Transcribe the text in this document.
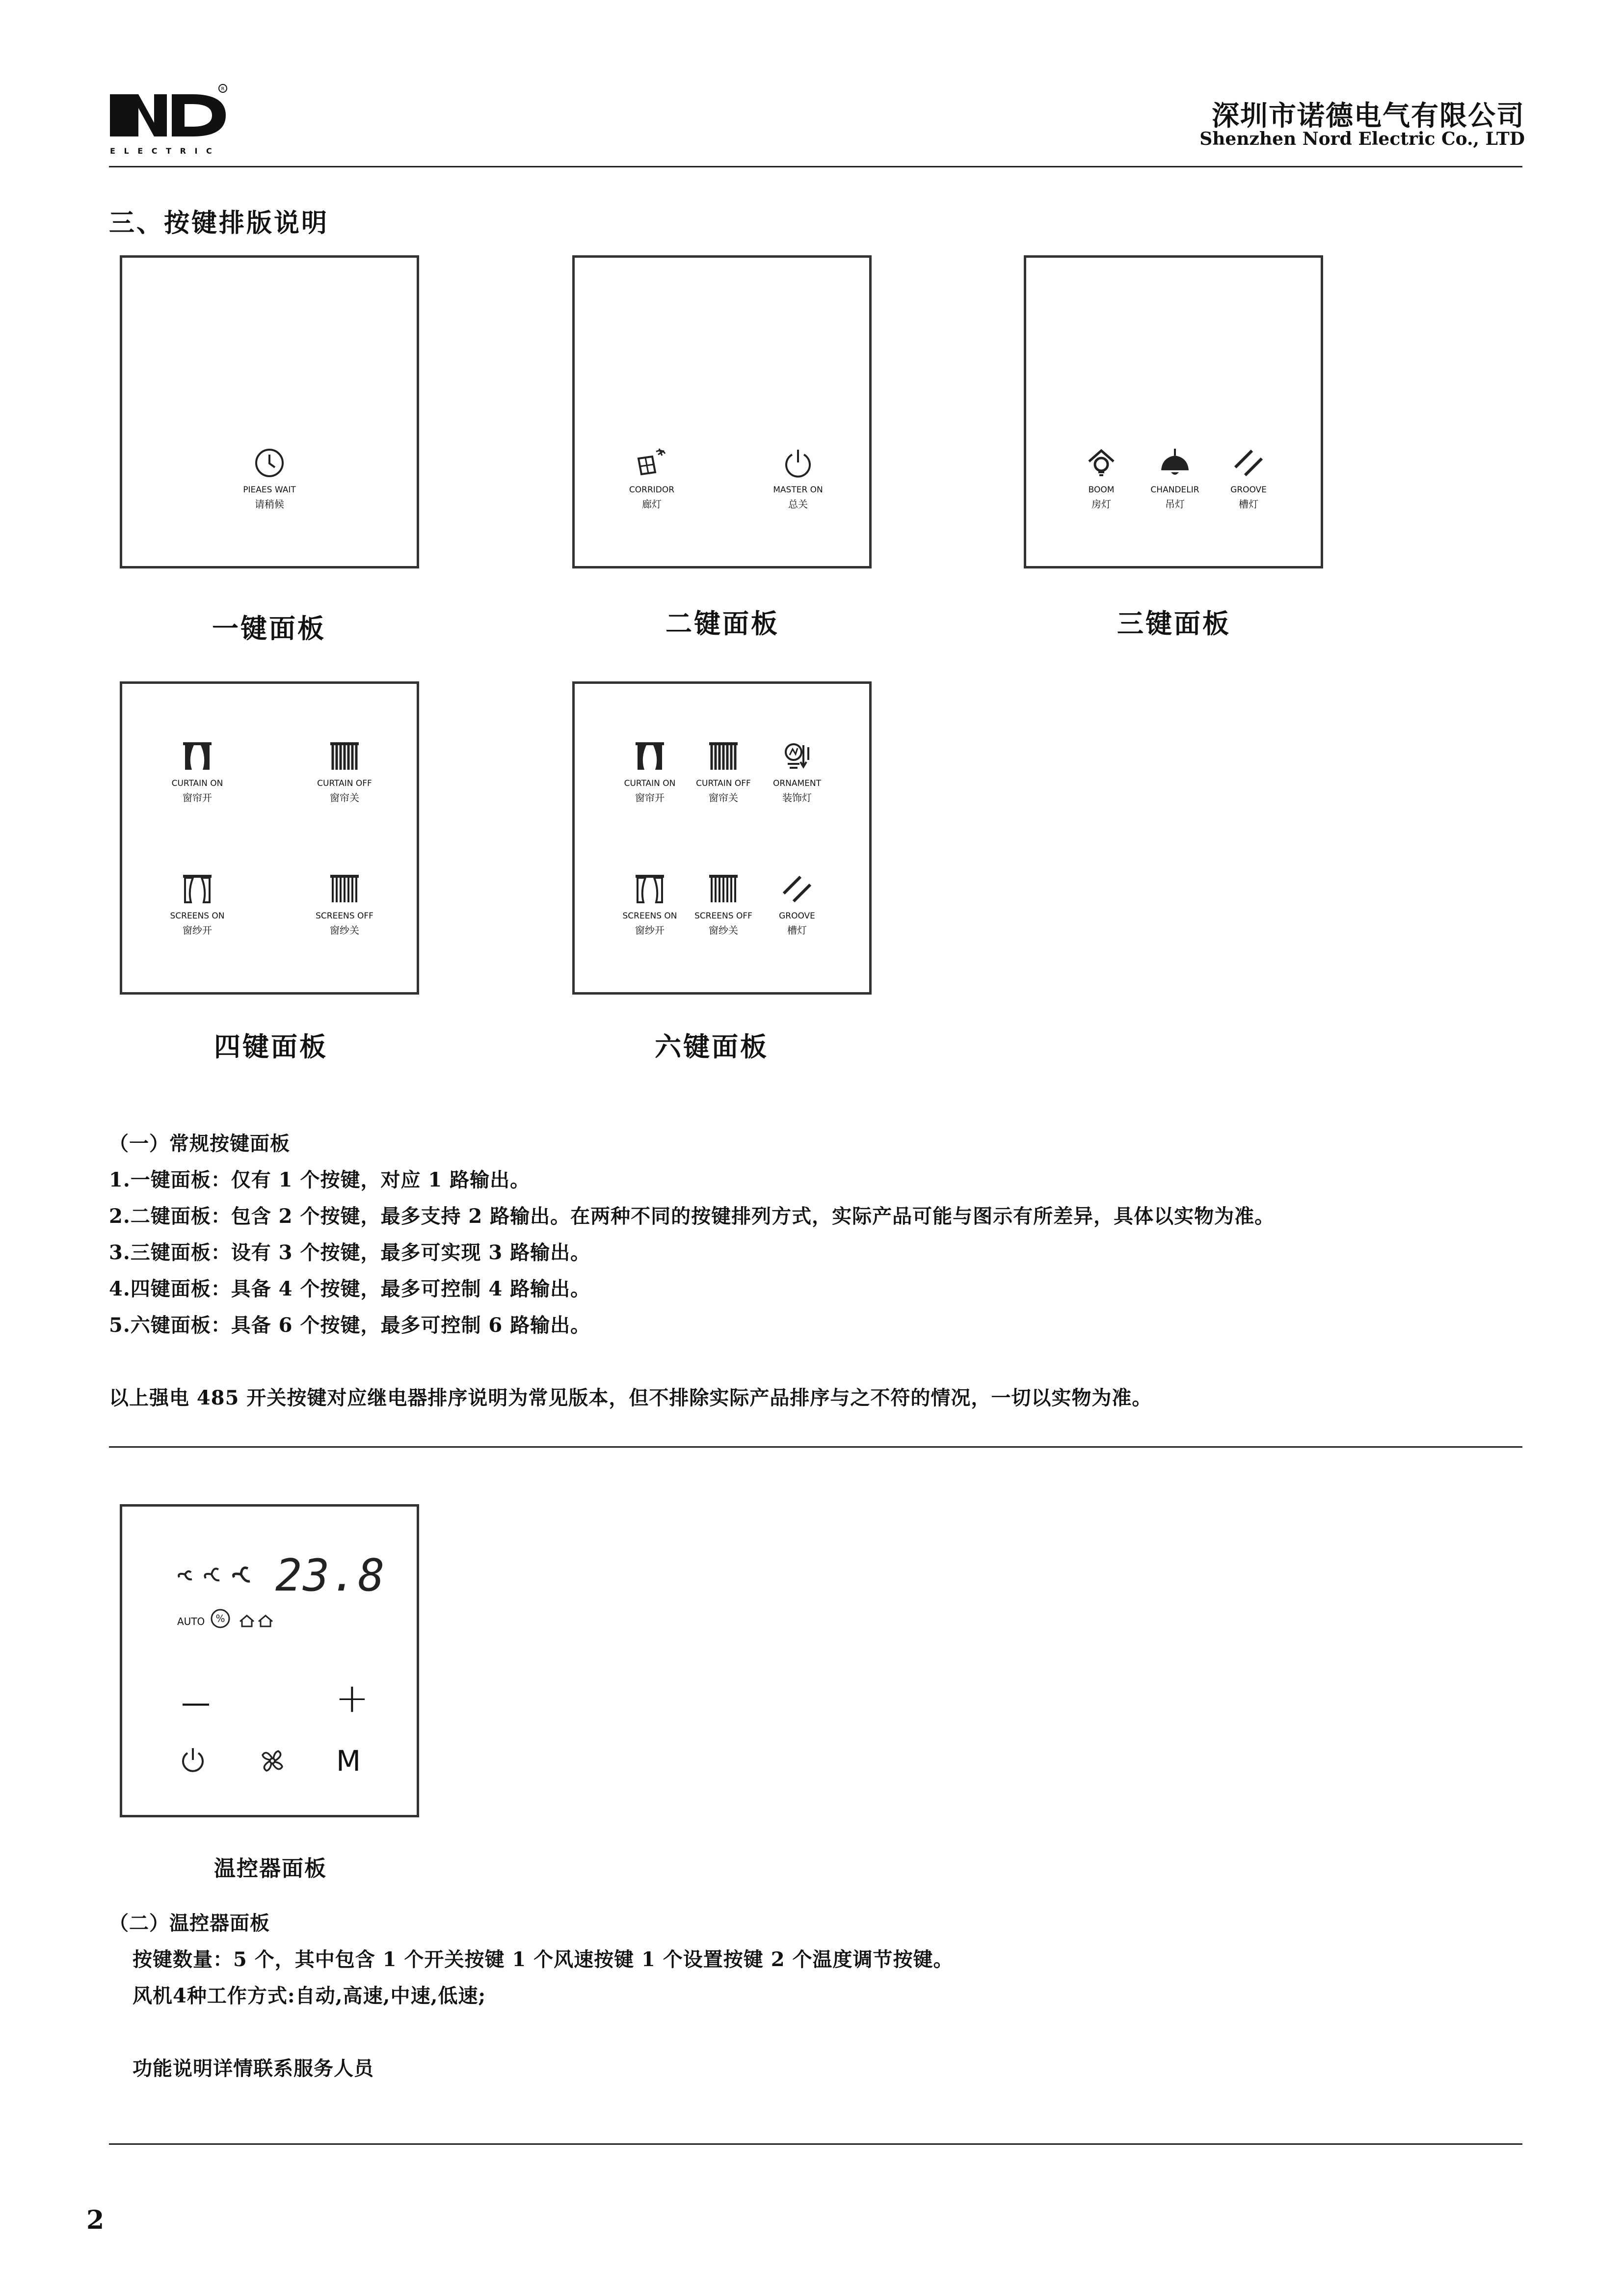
R
E L E C T R I C
深圳市诺德电气有限公司
Shenzhen Nord Electric Co., LTD
三、按键排版说明
PIEAES WAIT
请稍候
一键面板
CORRIDOR
廊灯
MASTER ON
总关
二键面板
BOOM
房灯
CHANDELIR
吊灯
GROOVE
槽灯
三键面板
CURTAIN ON
窗帘开
CURTAIN OFF
窗帘关
SCREENS ON
窗纱开
SCREENS OFF
窗纱关
四键面板
CURTAIN ON
窗帘开
CURTAIN OFF
窗帘关
ORNAMENT
装饰灯
SCREENS ON
窗纱开
SCREENS OFF
窗纱关
GROOVE
槽灯
六键面板
（一）常规按键面板
1.一键面板：仅有 1 个按键，对应 1 路输出。
2.二键面板：包含 2 个按键，最多支持 2 路输出。在两种不同的按键排列方式，实际产品可能与图示有所差异，具体以实物为准。
3.三键面板：设有 3 个按键，最多可实现 3 路输出。
4.四键面板：具备 4 个按键，最多可控制 4 路输出。
5.六键面板：具备 6 个按键，最多可控制 6 路输出。
以上强电 485 开关按键对应继电器排序说明为常见版本，但不排除实际产品排序与之不符的情况，一切以实物为准。
23.8
AUTO %
—	+
M
温控器面板
（二）温控器面板
按键数量：5 个，其中包含 1 个开关按键 1 个风速按键 1 个设置按键 2 个温度调节按键。
风机4种工作方式:自动,高速,中速,低速;
功能说明详情联系服务人员
2
